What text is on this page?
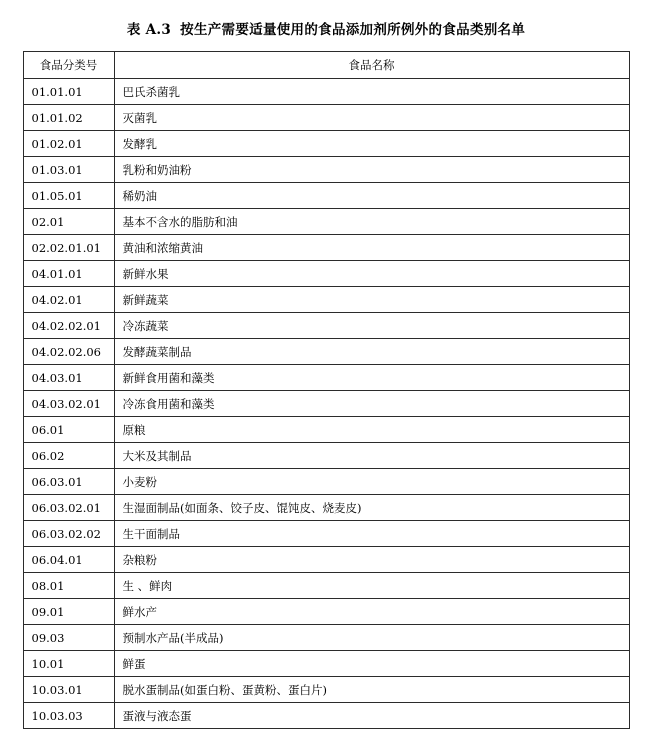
表 A.3 按生产需要适量使用的食品添加剂所例外的食品类别名单
食品分类号	食品名称
01.01.01	巴氏杀菌乳
01.01.02	灭菌乳
01.02.01	发酵乳
01.03.01	乳粉和奶油粉
01.05.01	稀奶油
02.01	基本不含水的脂肪和油
02.02.01.01	黄油和浓缩黄油
04.01.01	新鲜水果
04.02.01	新鲜蔬菜
04.02.02.01	冷冻蔬菜
04.02.02.06	发酵蔬菜制品
04.03.01	新鲜食用菌和藻类
04.03.02.01	冷冻食用菌和藻类
06.01	原粮
06.02	大米及其制品
06.03.01	小麦粉
06.03.02.01	生湿面制品(如面条、饺子皮、馄饨皮、烧麦皮)
06.03.02.02	生干面制品
06.04.01	杂粮粉
08.01	生 、鲜肉
09.01	鲜水产
09.03	预制水产品(半成品)
10.01	鲜蛋
10.03.01	脱水蛋制品(如蛋白粉、蛋黄粉、蛋白片)
10.03.03	蛋液与液态蛋
